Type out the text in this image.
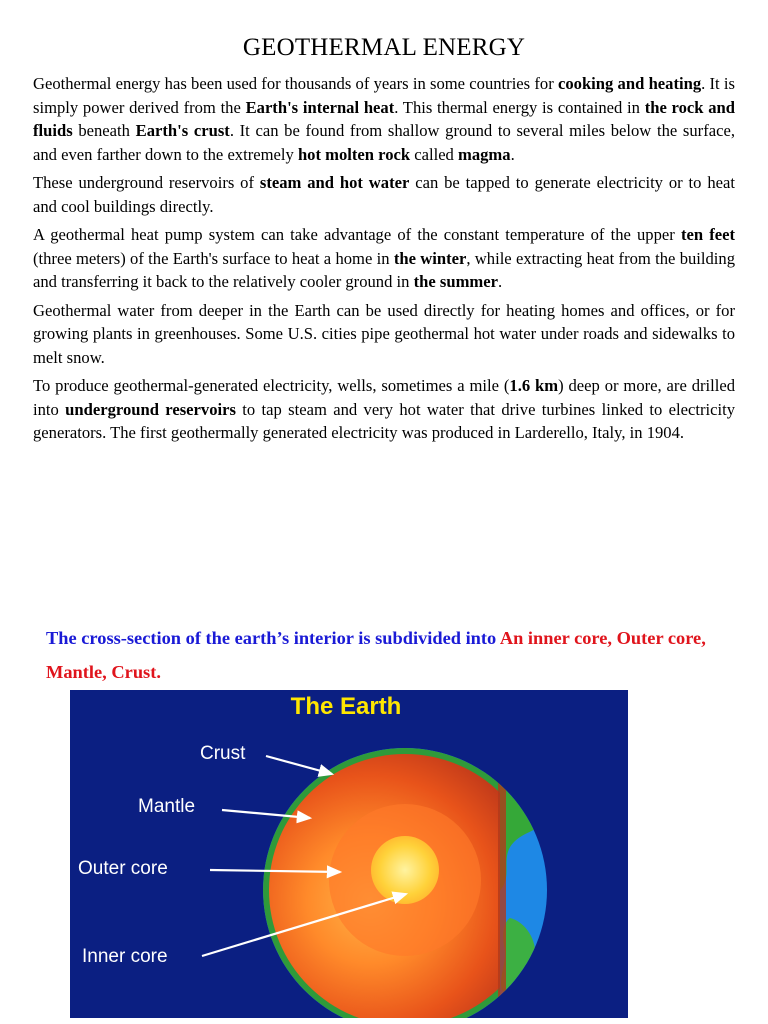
GEOTHERMAL ENERGY

Geothermal energy has been used for thousands of years in some countries for cooking and heating. It is simply power derived from the Earth's internal heat. This thermal energy is contained in the rock and fluids beneath Earth's crust. It can be found from shallow ground to several miles below the surface, and even farther down to the extremely hot molten rock called magma.

These underground reservoirs of steam and hot water can be tapped to generate electricity or to heat and cool buildings directly.

A geothermal heat pump system can take advantage of the constant temperature of the upper ten feet (three meters) of the Earth's surface to heat a home in the winter, while extracting heat from the building and transferring it back to the relatively cooler ground in the summer.

Geothermal water from deeper in the Earth can be used directly for heating homes and offices, or for growing plants in greenhouses. Some U.S. cities pipe geothermal hot water under roads and sidewalks to melt snow.

To produce geothermal-generated electricity, wells, sometimes a mile (1.6 km) deep or more, are drilled into underground reservoirs to tap steam and very hot water that drive turbines linked to electricity generators. The first geothermally generated electricity was produced in Larderello, Italy, in 1904.

The cross-section of the earth’s interior is subdivided into An inner core, Outer core, Mantle, Crust.
The Earth
Crust
Mantle
Outer core
Inner core
